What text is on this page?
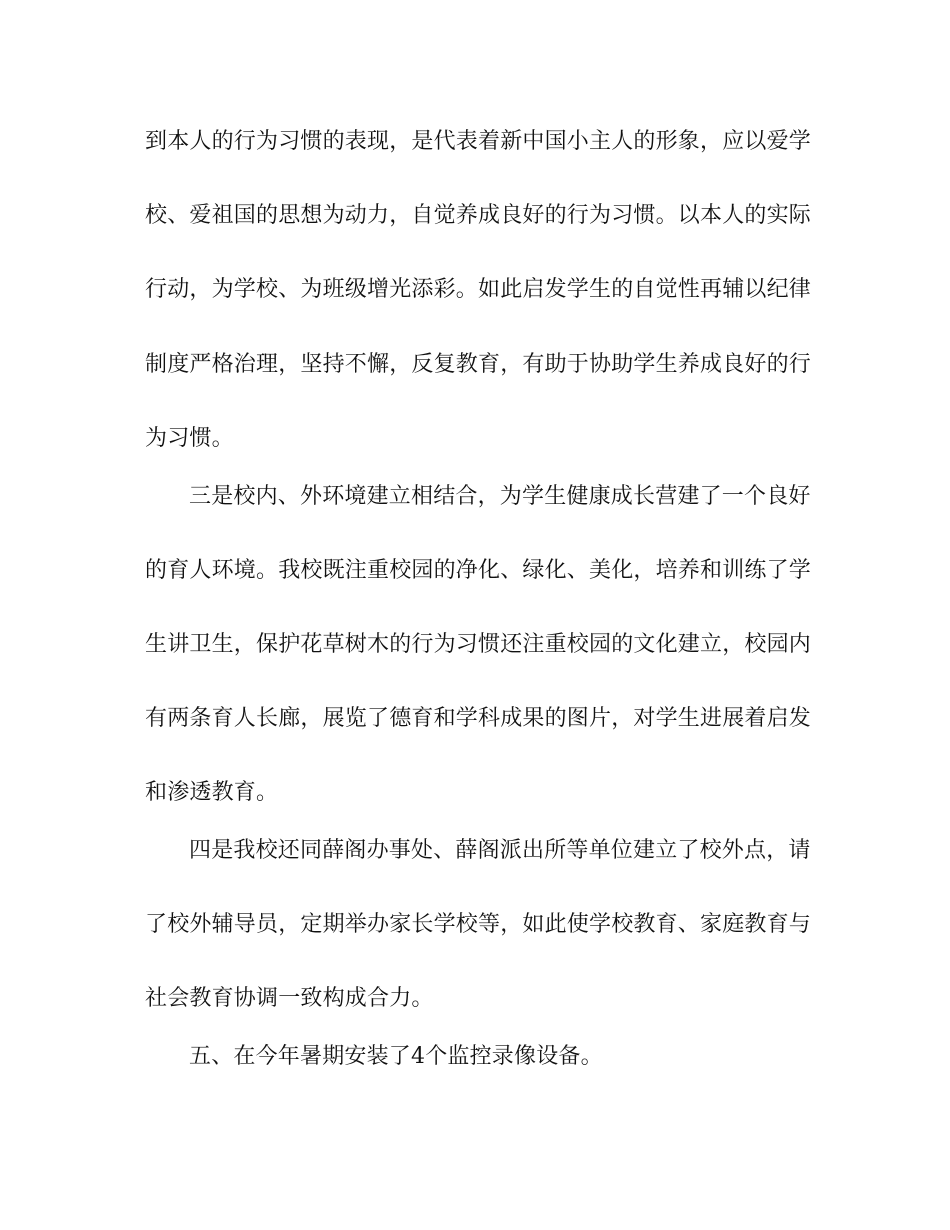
到本人的行为习惯的表现，是代表着新中国小主人的形象，应以爱学
校、爱祖国的思想为动力，自觉养成良好的行为习惯。以本人的实际
行动，为学校、为班级增光添彩。如此启发学生的自觉性再辅以纪律
制度严格治理，坚持不懈，反复教育，有助于协助学生养成良好的行
为习惯。
三是校内、外环境建立相结合，为学生健康成长营建了一个良好
的育人环境。我校既注重校园的净化、绿化、美化，培养和训练了学
生讲卫生，保护花草树木的行为习惯还注重校园的文化建立，校园内
有两条育人长廊，展览了德育和学科成果的图片，对学生进展着启发
和渗透教育。
四是我校还同薛阁办事处、薛阁派出所等单位建立了校外点，请
了校外辅导员，定期举办家长学校等，如此使学校教育、家庭教育与
社会教育协调一致构成合力。
五、在今年暑期安装了4个监控录像设备。
